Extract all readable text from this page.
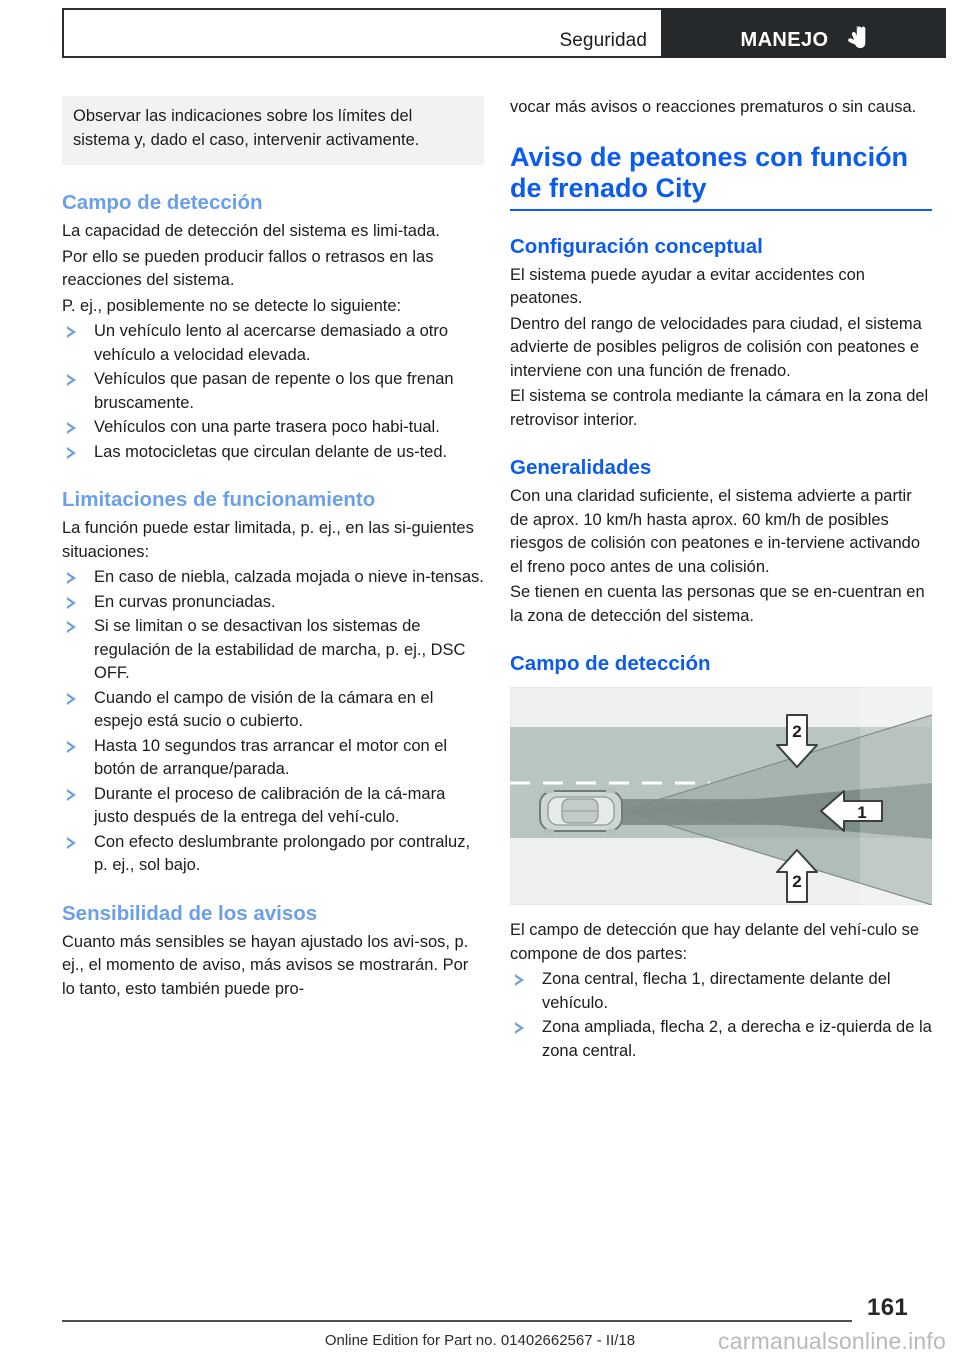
Seguridad	MANEJO

Observar las indicaciones sobre los límites del sistema y, dado el caso, intervenir activamente.

Campo de detección

La capacidad de detección del sistema es limi-tada.

Por ello se pueden producir fallos o retrasos en las reacciones del sistema.

P. ej., posiblemente no se detecte lo siguiente:

Un vehículo lento al acercarse demasiado a otro vehículo a velocidad elevada.
Vehículos que pasan de repente o los que frenan bruscamente.
Vehículos con una parte trasera poco habi-tual.
Las motocicletas que circulan delante de us-ted.
Limitaciones de funcionamiento

La función puede estar limitada, p. ej., en las si-guientes situaciones:

En caso de niebla, calzada mojada o nieve in-tensas.
En curvas pronunciadas.
Si se limitan o se desactivan los sistemas de regulación de la estabilidad de marcha, p. ej., DSC OFF.
Cuando el campo de visión de la cámara en el espejo está sucio o cubierto.
Hasta 10 segundos tras arrancar el motor con el botón de arranque/parada.
Durante el proceso de calibración de la cá-mara justo después de la entrega del vehí-culo.
Con efecto deslumbrante prolongado por contraluz, p. ej., sol bajo.
Sensibilidad de los avisos

Cuanto más sensibles se hayan ajustado los avi-sos, p. ej., el momento de aviso, más avisos se mostrarán. Por lo tanto, esto también puede pro-

vocar más avisos o reacciones prematuros o sin causa.

Aviso de peatones con función de frenado City
Configuración conceptual

El sistema puede ayudar a evitar accidentes con peatones.

Dentro del rango de velocidades para ciudad, el sistema advierte de posibles peligros de colisión con peatones e interviene con una función de frenado.

El sistema se controla mediante la cámara en la zona del retrovisor interior.

Generalidades

Con una claridad suficiente, el sistema advierte a partir de aprox. 10 km/h hasta aprox. 60 km/h de posibles riesgos de colisión con peatones e in-terviene activando el freno poco antes de una colisión.

Se tienen en cuenta las personas que se en-cuentran en la zona de detección del sistema.

Campo de detección
1
2
2

El campo de detección que hay delante del vehí-culo se compone de dos partes:

Zona central, flecha 1, directamente delante del vehículo.
Zona ampliada, flecha 2, a derecha e iz-quierda de la zona central.
161
Online Edition for Part no. 01402662567 - II/18	carmanualsonline.info
